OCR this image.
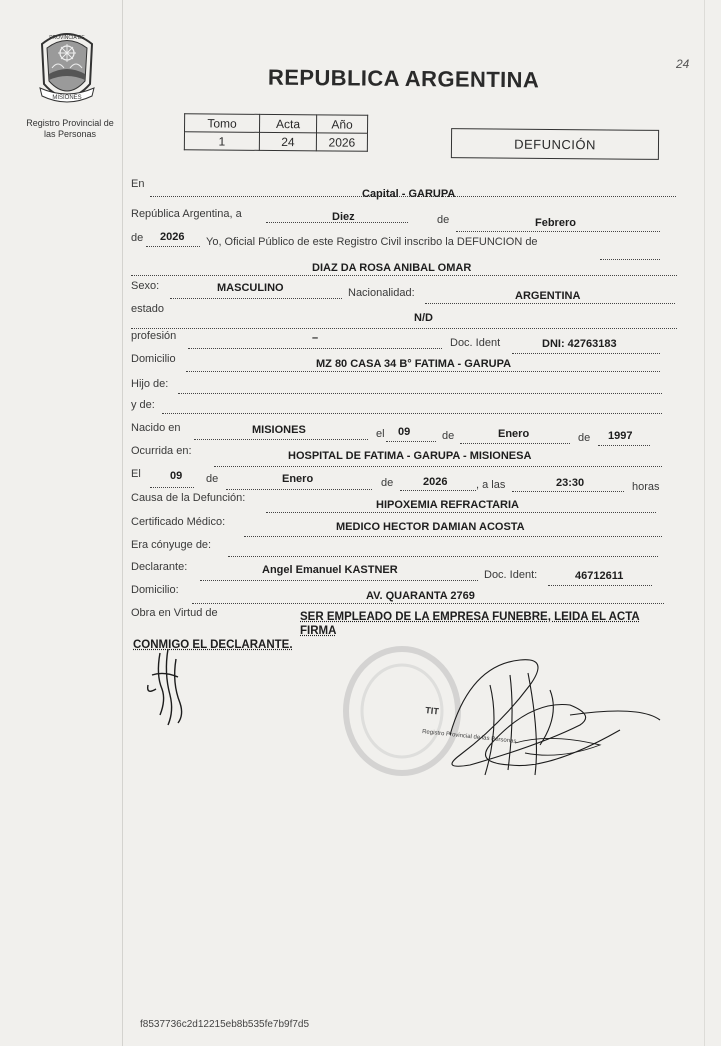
24
MISIONES
PROVINCIA DE
Registro Provincial de
las Personas
REPUBLICA ARGENTINA
Tomo	Acta	Año
1	24	2026	DEFUNCIÓN
En
Capital - GARUPA
República Argentina, a	Diez	de	Febrero
de 2026 Yo, Oficial Público de este Registro Civil inscribo la DEFUNCION de
DIAZ DA ROSA ANIBAL OMAR
Sexo:	MASCULINO	Nacionalidad:	ARGENTINA
estado
N/D
profesión	–	Doc. Ident	DNI: 42763183
Domicilio	MZ 80 CASA 34 B° FATIMA - GARUPA
Hijo de:
y de:
Nacido en	MISIONES	el 09	de	Enero	de 1997
Ocurrida en:	HOSPITAL DE FATIMA - GARUPA - MISIONESA
El	09 de	Enero	de	2026	, a las	23:30	horas
Causa de la Defunción:
HIPOXEMIA REFRACTARIA
Certificado Médico:	MEDICO HECTOR DAMIAN ACOSTA
Era cónyuge de:
Declarante:	Angel Emanuel KASTNER	Doc. Ident:	46712611
Domicilio:	AV. QUARANTA 2769
Obra en Virtud de	SER EMPLEADO DE LA EMPRESA FUNEBRE, LEIDA EL ACTA FIRMA
CONMIGO EL DECLARANTE.
TIT
Registro Provincial de las Personas
f8537736c2d12215eb8b535fe7b9f7d5
